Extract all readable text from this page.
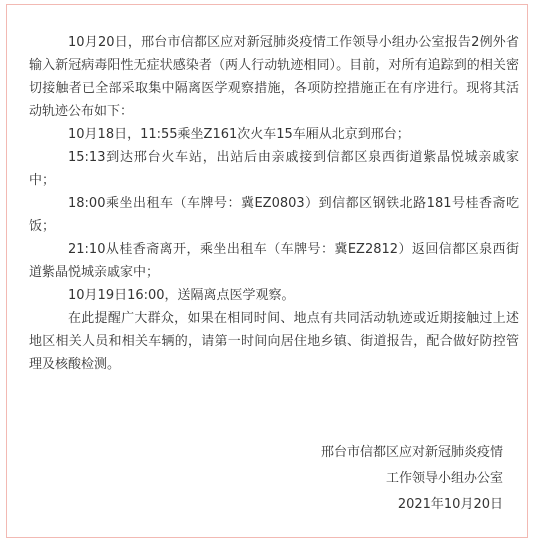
10月20日，邢台市信都区应对新冠肺炎疫情工作领导小组办公室报告2例外省输入新冠病毒阳性无症状感染者（两人行动轨迹相同）。目前，对所有追踪到的相关密切接触者已全部采取集中隔离医学观察措施，各项防控措施正在有序进行。现将其活动轨迹公布如下：

10月18日，11:55乘坐Z161次火车15车厢从北京到邢台；

15:13到达邢台火车站，出站后由亲戚接到信都区泉西街道紫晶悦城亲戚家中；

18:00乘坐出租车（车牌号：冀EZ0803）到信都区钢铁北路181号桂香斋吃饭；

21:10从桂香斋离开，乘坐出租车（车牌号：冀EZ2812）返回信都区泉西街道紫晶悦城亲戚家中；

10月19日16:00，送隔离点医学观察。

在此提醒广大群众，如果在相同时间、地点有共同活动轨迹或近期接触过上述地区相关人员和相关车辆的，请第一时间向居住地乡镇、街道报告，配合做好防控管理及核酸检测。

邢台市信都区应对新冠肺炎疫情
工作领导小组办公室
2021年10月20日
